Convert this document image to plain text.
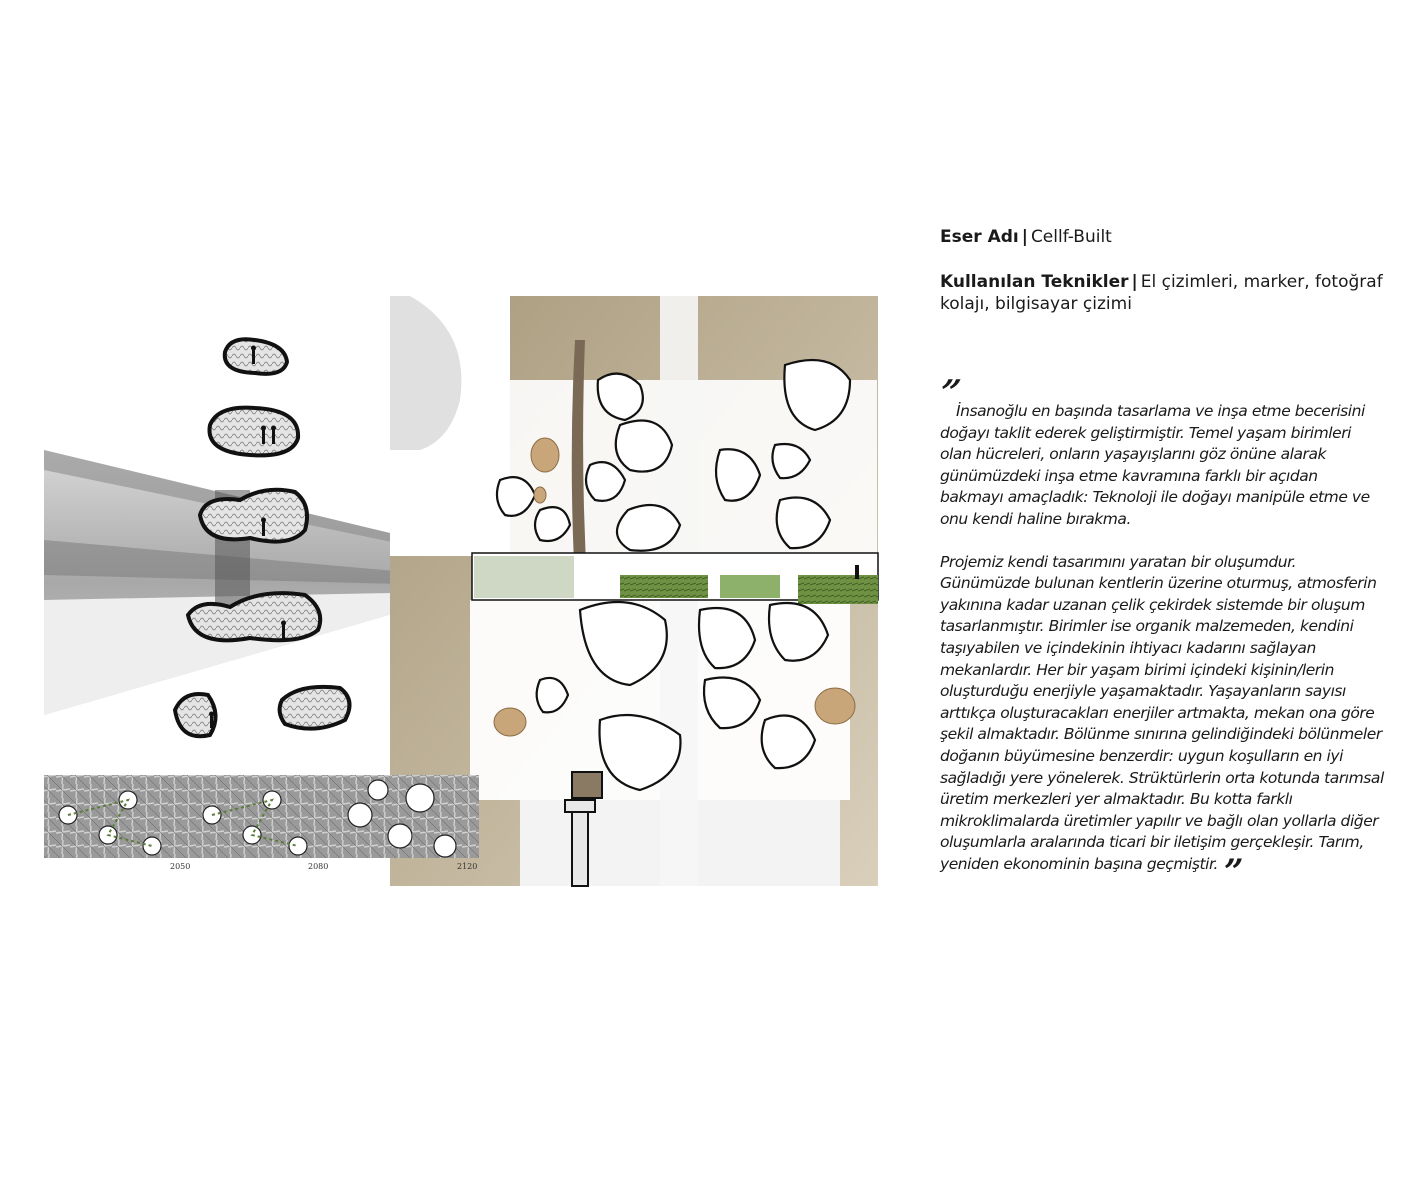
2050	2080	2120

Eser Adı | Cellf-Built

Kullanılan Teknikler | El çizimleri, marker, fotoğraf kolajı, bilgisayar çizimi

”

İnsanoğlu en başında tasarlama ve inşa etme becerisini doğayı taklit ederek geliştirmiştir. Temel yaşam birimleri olan hücreleri, onların yaşayışlarını göz önüne alarak günümüzdeki inşa etme kavramına farklı bir açıdan bakmayı amaçladık: Teknoloji ile doğayı manipüle etme ve onu kendi haline bırakma.

Projemiz kendi tasarımını yaratan bir oluşumdur. Günümüzde bulunan kentlerin üzerine oturmuş, atmosferin yakınına kadar uzanan çelik çekirdek sistemde bir oluşum tasarlanmıştır. Birimler ise organik malzemeden, kendini taşıyabilen ve içindekinin ihtiyacı kadarını sağlayan mekanlardır. Her bir yaşam birimi içindeki kişinin/lerin oluşturduğu enerjiyle yaşamaktadır. Yaşayanların sayısı arttıkça oluşturacakları enerjiler artmakta, mekan ona göre şekil almaktadır. Bölünme sınırına gelindiğindeki bölünmeler doğanın büyümesine benzerdir: uygun koşulların en iyi sağladığı yere yönelerek. Strüktürlerin orta kotunda tarımsal üretim merkezleri yer almaktadır. Bu kotta farklı mikroklimalarda üretimler yapılır ve bağlı olan yollarla diğer oluşumlarla aralarında ticari bir iletişim gerçekleşir. Tarım, yeniden ekonominin başına geçmiştir. ”
